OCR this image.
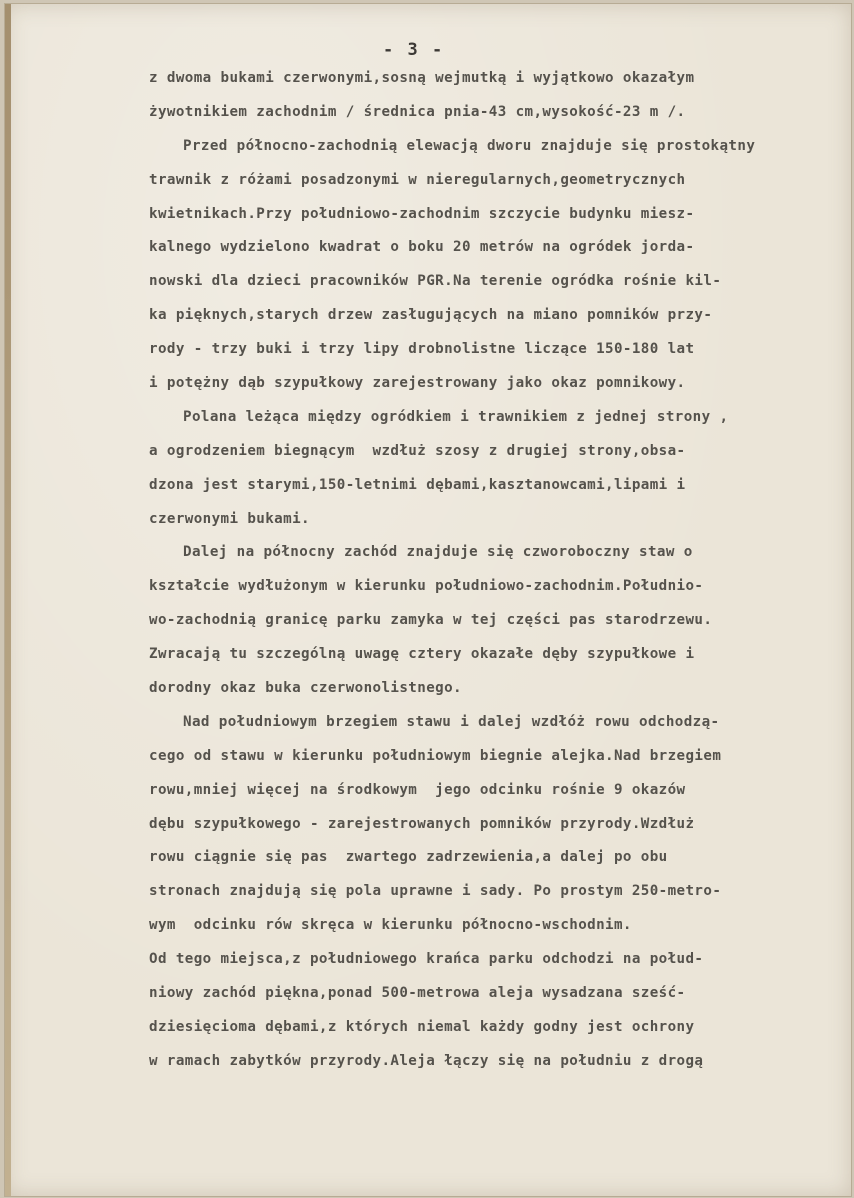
- 3 -
z dwoma bukami czerwonymi,sosną wejmutką i wyjątkowo okazałym
żywotnikiem zachodnim / średnica pnia-43 cm,wysokość-23 m /.
Przed północno-zachodnią elewacją dworu znajduje się prostokątny
trawnik z różami posadzonymi w nieregularnych,geometrycznych
kwietnikach.Przy południowo-zachodnim szczycie budynku miesz-
kalnego wydzielono kwadrat o boku 20 metrów na ogródek jorda-
nowski dla dzieci pracowników PGR.Na terenie ogródka rośnie kil-
ka pięknych,starych drzew zasługujących na miano pomników przy-
rody - trzy buki i trzy lipy drobnolistne liczące 150-180 lat
i potężny dąb szypułkowy zarejestrowany jako okaz pomnikowy.
Polana leżąca między ogródkiem i trawnikiem z jednej strony ,
a ogrodzeniem biegnącym  wzdłuż szosy z drugiej strony,obsa-
dzona jest starymi,150-letnimi dębami,kasztanowcami,lipami i
czerwonymi bukami.
Dalej na północny zachód znajduje się czworoboczny staw o
kształcie wydłużonym w kierunku południowo-zachodnim.Południo-
wo-zachodnią granicę parku zamyka w tej części pas starodrzewu.
Zwracają tu szczególną uwagę cztery okazałe dęby szypułkowe i
dorodny okaz buka czerwonolistnego.
Nad południowym brzegiem stawu i dalej wzdłóż rowu odchodzą-
cego od stawu w kierunku południowym biegnie alejka.Nad brzegiem
rowu,mniej więcej na środkowym  jego odcinku rośnie 9 okazów
dębu szypułkowego - zarejestrowanych pomników przyrody.Wzdłuż
rowu ciągnie się pas  zwartego zadrzewienia,a dalej po obu
stronach znajdują się pola uprawne i sady. Po prostym 250-metro-
wym  odcinku rów skręca w kierunku północno-wschodnim.
Od tego miejsca,z południowego krańca parku odchodzi na połud-
niowy zachód piękna,ponad 500-metrowa aleja wysadzana sześć-
dziesięcioma dębami,z których niemal każdy godny jest ochrony
w ramach zabytków przyrody.Aleja łączy się na południu z drogą
